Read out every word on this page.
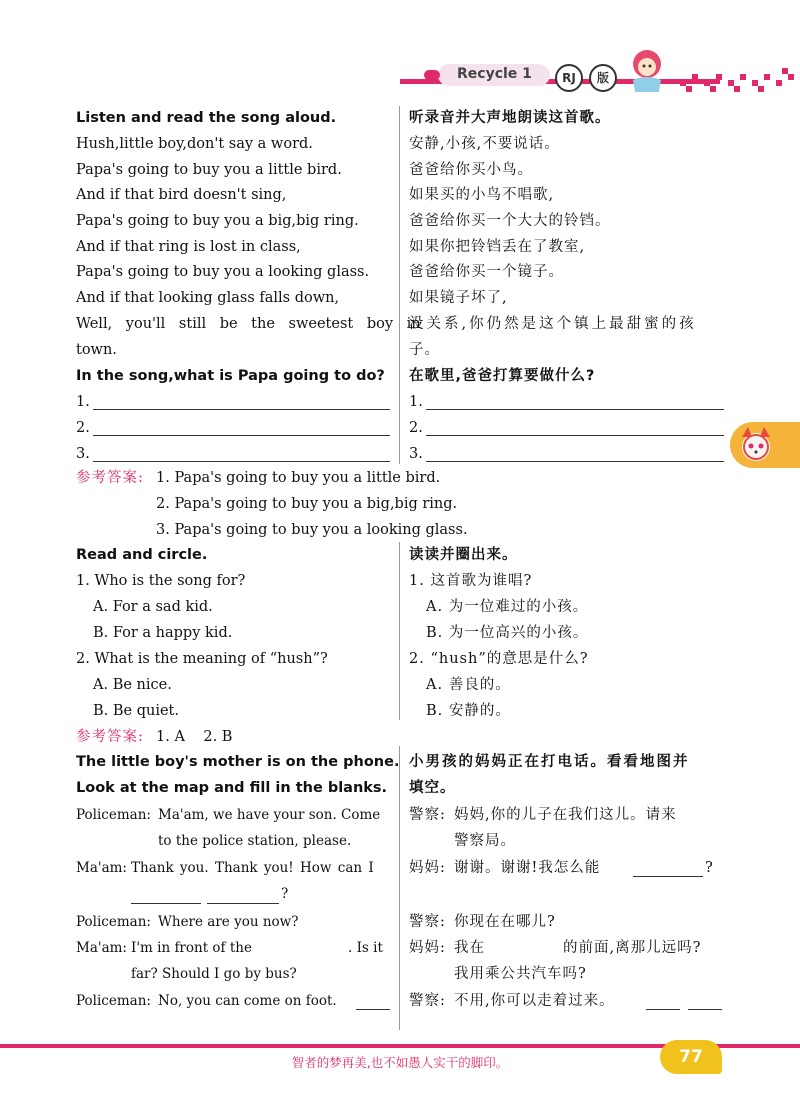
Recycle 1	RJ	版
Listen and read the song aloud.	听录音并大声地朗读这首歌。
Hush,little boy,don't say a word.
Papa's going to buy you a little bird.
And if that bird doesn't sing,
Papa's going to buy you a big,big ring.
And if that ring is lost in class,
Papa's going to buy you a looking glass.
And if that looking glass falls down,
Well, you'll still be the sweetest boy in
town.
安静,小孩,不要说话。
爸爸给你买小鸟。
如果买的小鸟不唱歌,
爸爸给你买一个大大的铃铛。
如果你把铃铛丢在了教室,
爸爸给你买一个镜子。
如果镜子坏了,
没关系,你仍然是这个镇上最甜蜜的孩
子。
In the song,what is Papa going to do? 在歌里,爸爸打算要做什么?
1.
2.
3.
1.
2.
3.
参考答案: 1. Papa's going to buy you a little bird.
2. Papa's going to buy you a big,big ring.
3. Papa's going to buy you a looking glass.
Read and circle.	读读并圈出来。
1. Who is the song for?
A. For a sad kid.
B. For a happy kid.
2. What is the meaning of “hush”?
A. Be nice.
B. Be quiet.
1. 这首歌为谁唱?
A. 为一位难过的小孩。
B. 为一位高兴的小孩。
2. “hush”的意思是什么?
A. 善良的。
B. 安静的。
参考答案: 1. A    2. B
The little boy's mother is on the phone.
Look at the map and fill in the blanks.
小男孩的妈妈正在打电话。看看地图并
填空。
Policeman: Ma'am, we have your son. Come
to the police station, please.
Ma'am: Thank you. Thank you! How can I
?
Policeman: Where are you now?
Ma'am: I'm in front of the	. Is it
far? Should I go by bus?
Policeman: No, you can come on foot.
警察: 妈妈,你的儿子在我们这儿。请来
警察局。
妈妈: 谢谢。谢谢!我怎么能	?
警察: 你现在在哪儿?
妈妈: 我在	的前面,离那儿远吗?
我用乘公共汽车吗?
警察: 不用,你可以走着过来。
智者的梦再美,也不如愚人实干的脚印。	77
